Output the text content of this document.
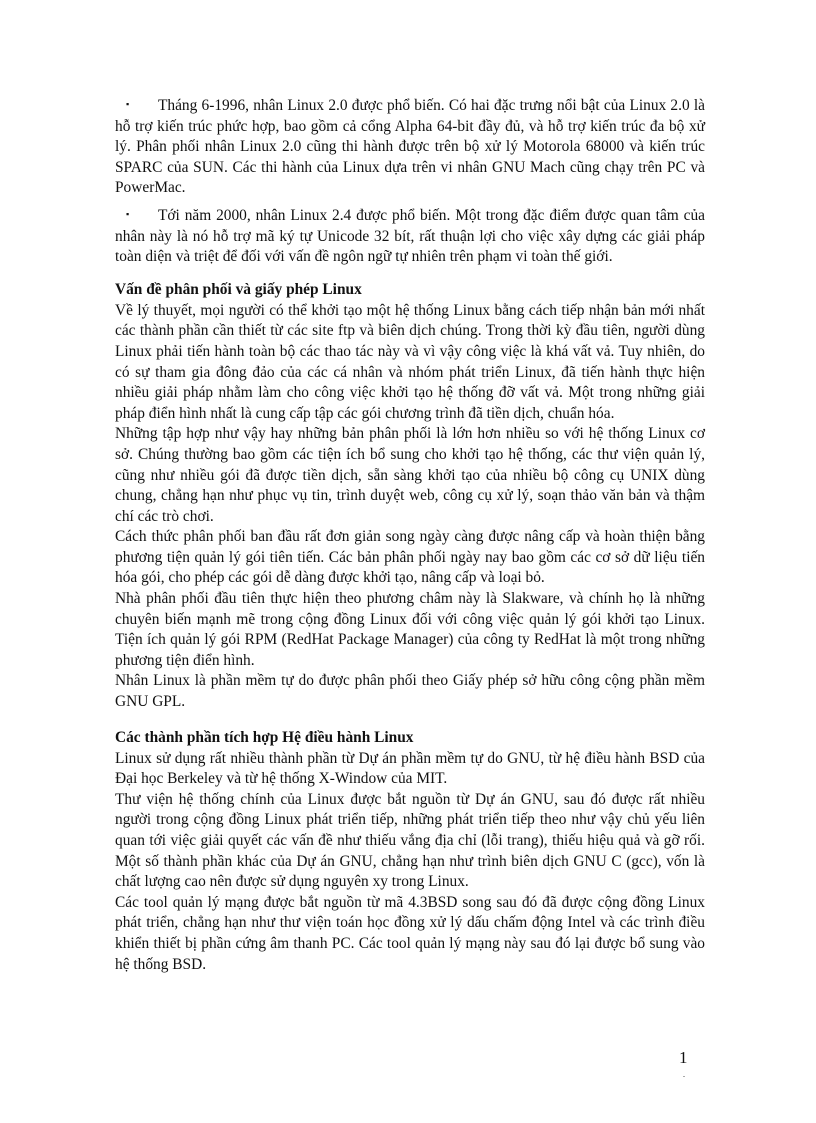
▪ Tháng 6-1996, nhân Linux 2.0 được phổ biến. Có hai đặc trưng nổi bật của Linux 2.0 là hỗ trợ kiến trúc phức hợp, bao gồm cả cổng Alpha 64-bit đầy đủ, và hỗ trợ kiến trúc đa bộ xử lý. Phân phối nhân Linux 2.0 cũng thi hành được trên bộ xử lý Motorola 68000 và kiến trúc SPARC của SUN. Các thi hành của Linux dựa trên vi nhân GNU Mach cũng chạy trên PC và PowerMac.
▪ Tới năm 2000, nhân Linux 2.4 được phổ biến. Một trong đặc điểm được quan tâm của nhân này là nó hỗ trợ mã ký tự Unicode 32 bít, rất thuận lợi cho việc xây dựng các giải pháp toàn diện và triệt để đối với vấn đề ngôn ngữ tự nhiên trên phạm vi toàn thế giới.
Vấn đề phân phối và giấy phép Linux

Về lý thuyết, mọi người có thể khởi tạo một hệ thống Linux bằng cách tiếp nhận bản mới nhất các thành phần cần thiết từ các site ftp và biên dịch chúng. Trong thời kỳ đầu tiên, người dùng Linux phải tiến hành toàn bộ các thao tác này và vì vậy công việc là khá vất vả. Tuy nhiên, do có sự tham gia đông đảo của các cá nhân và nhóm phát triển Linux, đã tiến hành thực hiện nhiều giải pháp nhằm làm cho công việc khởi tạo hệ thống đỡ vất vả. Một trong những giải pháp điển hình nhất là cung cấp tập các gói chương trình đã tiền dịch, chuẩn hóa.

Những tập hợp như vậy hay những bản phân phối là lớn hơn nhiều so với hệ thống Linux cơ sở. Chúng thường bao gồm các tiện ích bổ sung cho khởi tạo hệ thống, các thư viện quản lý, cũng như nhiều gói đã được tiền dịch, sẵn sàng khởi tạo của nhiều bộ công cụ UNIX dùng chung, chẳng hạn như phục vụ tin, trình duyệt web, công cụ xử lý, soạn thảo văn bản và thậm chí các trò chơi.

Cách thức phân phối ban đầu rất đơn giản song ngày càng được nâng cấp và hoàn thiện bằng phương tiện quản lý gói tiên tiến. Các bản phân phối ngày nay bao gồm các cơ sở dữ liệu tiến hóa gói, cho phép các gói dễ dàng được khởi tạo, nâng cấp và loại bỏ.

Nhà phân phối đầu tiên thực hiện theo phương châm này là Slakware, và chính họ là những chuyên biến mạnh mẽ trong cộng đồng Linux đối với công việc quản lý gói khởi tạo Linux. Tiện ích quản lý gói RPM (RedHat Package Manager) của công ty RedHat là một trong những phương tiện điển hình.

Nhân Linux là phần mềm tự do được phân phối theo Giấy phép sở hữu công cộng phần mềm GNU GPL.

Các thành phần tích hợp Hệ điều hành Linux

Linux sử dụng rất nhiều thành phần từ Dự án phần mềm tự do GNU, từ hệ điều hành BSD của Đại học Berkeley và từ hệ thống X-Window của MIT.

Thư viện hệ thống chính của Linux được bắt nguồn từ Dự án GNU, sau đó được rất nhiều người trong cộng đồng Linux phát triển tiếp, những phát triển tiếp theo như vậy chủ yếu liên quan tới việc giải quyết các vấn đề như thiếu vắng địa chỉ (lỗi trang), thiếu hiệu quả và gỡ rối. Một số thành phần khác của Dự án GNU, chẳng hạn như trình biên dịch GNU C (gcc), vốn là chất lượng cao nên được sử dụng nguyên xy trong Linux.

Các tool quản lý mạng được bắt nguồn từ mã 4.3BSD song sau đó đã được cộng đồng Linux phát triển, chẳng hạn như thư viện toán học đồng xử lý dấu chấm động Intel và các trình điều khiển thiết bị phần cứng âm thanh PC. Các tool quản lý mạng này sau đó lại được bổ sung vào hệ thống BSD.

1
.
